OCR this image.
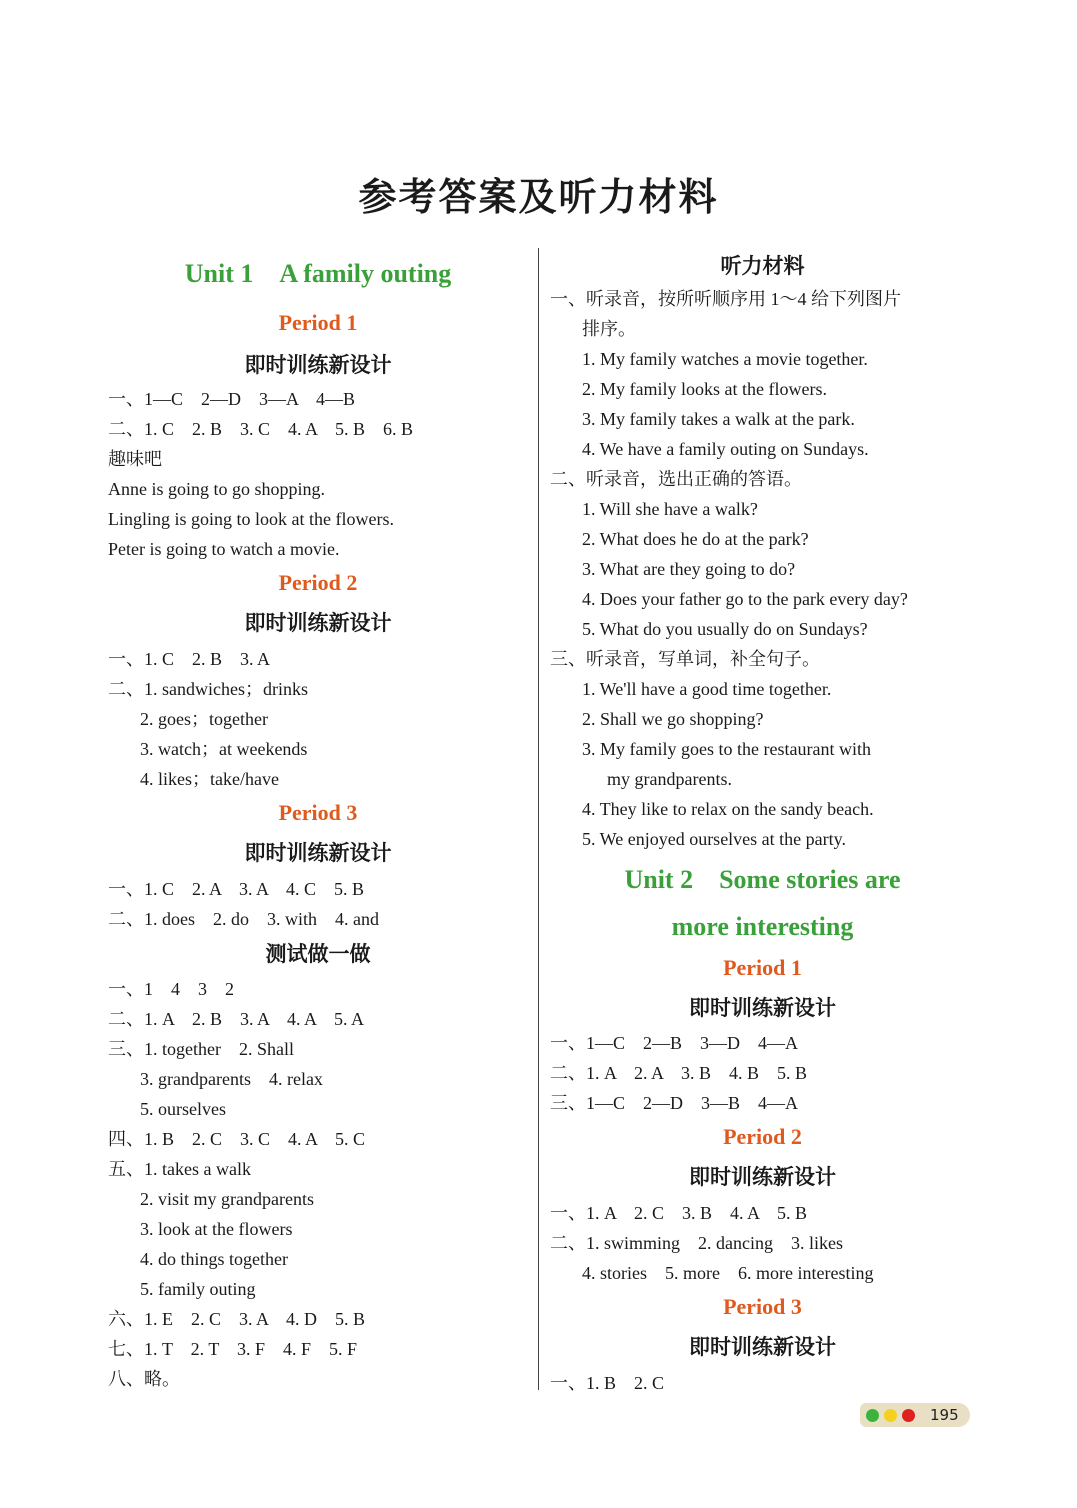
参考答案及听力材料
Unit 1　A family outing
Period 1
即时训练新设计
一、1—C　2—D　3—A　4—B
二、1. C　2. B　3. C　4. A　5. B　6. B
趣味吧
Anne is going to go shopping.
Lingling is going to look at the flowers.
Peter is going to watch a movie.
Period 2
即时训练新设计
一、1. C　2. B　3. A
二、1. sandwiches；drinks
2. goes；together
3. watch；at weekends
4. likes；take/have
Period 3
即时训练新设计
一、1. C　2. A　3. A　4. C　5. B
二、1. does　2. do　3. with　4. and
测试做一做
一、1　4　3　2
二、1. A　2. B　3. A　4. A　5. A
三、1. together　2. Shall
3. grandparents　4. relax
5. ourselves
四、1. B　2. C　3. C　4. A　5. C
五、1. takes a walk
2. visit my grandparents
3. look at the flowers
4. do things together
5. family outing
六、1. E　2. C　3. A　4. D　5. B
七、1. T　2. T　3. F　4. F　5. F
八、略。
听力材料
一、听录音，按所听顺序用 1～4 给下列图片
排序。
1. My family watches a movie together.
2. My family looks at the flowers.
3. My family takes a walk at the park.
4. We have a family outing on Sundays.
二、听录音，选出正确的答语。
1. Will she have a walk?
2. What does he do at the park?
3. What are they going to do?
4. Does your father go to the park every day?
5. What do you usually do on Sundays?
三、听录音，写单词，补全句子。
1. We'll have a good time together.
2. Shall we go shopping?
3. My family goes to the restaurant with
my grandparents.
4. They like to relax on the sandy beach.
5. We enjoyed ourselves at the party.
Unit 2　Some stories are
more interesting
Period 1
即时训练新设计
一、1—C　2—B　3—D　4—A
二、1. A　2. A　3. B　4. B　5. B
三、1—C　2—D　3—B　4—A
Period 2
即时训练新设计
一、1. A　2. C　3. B　4. A　5. B
二、1. swimming　2. dancing　3. likes
4. stories　5. more　6. more interesting
Period 3
即时训练新设计
一、1. B　2. C
195
